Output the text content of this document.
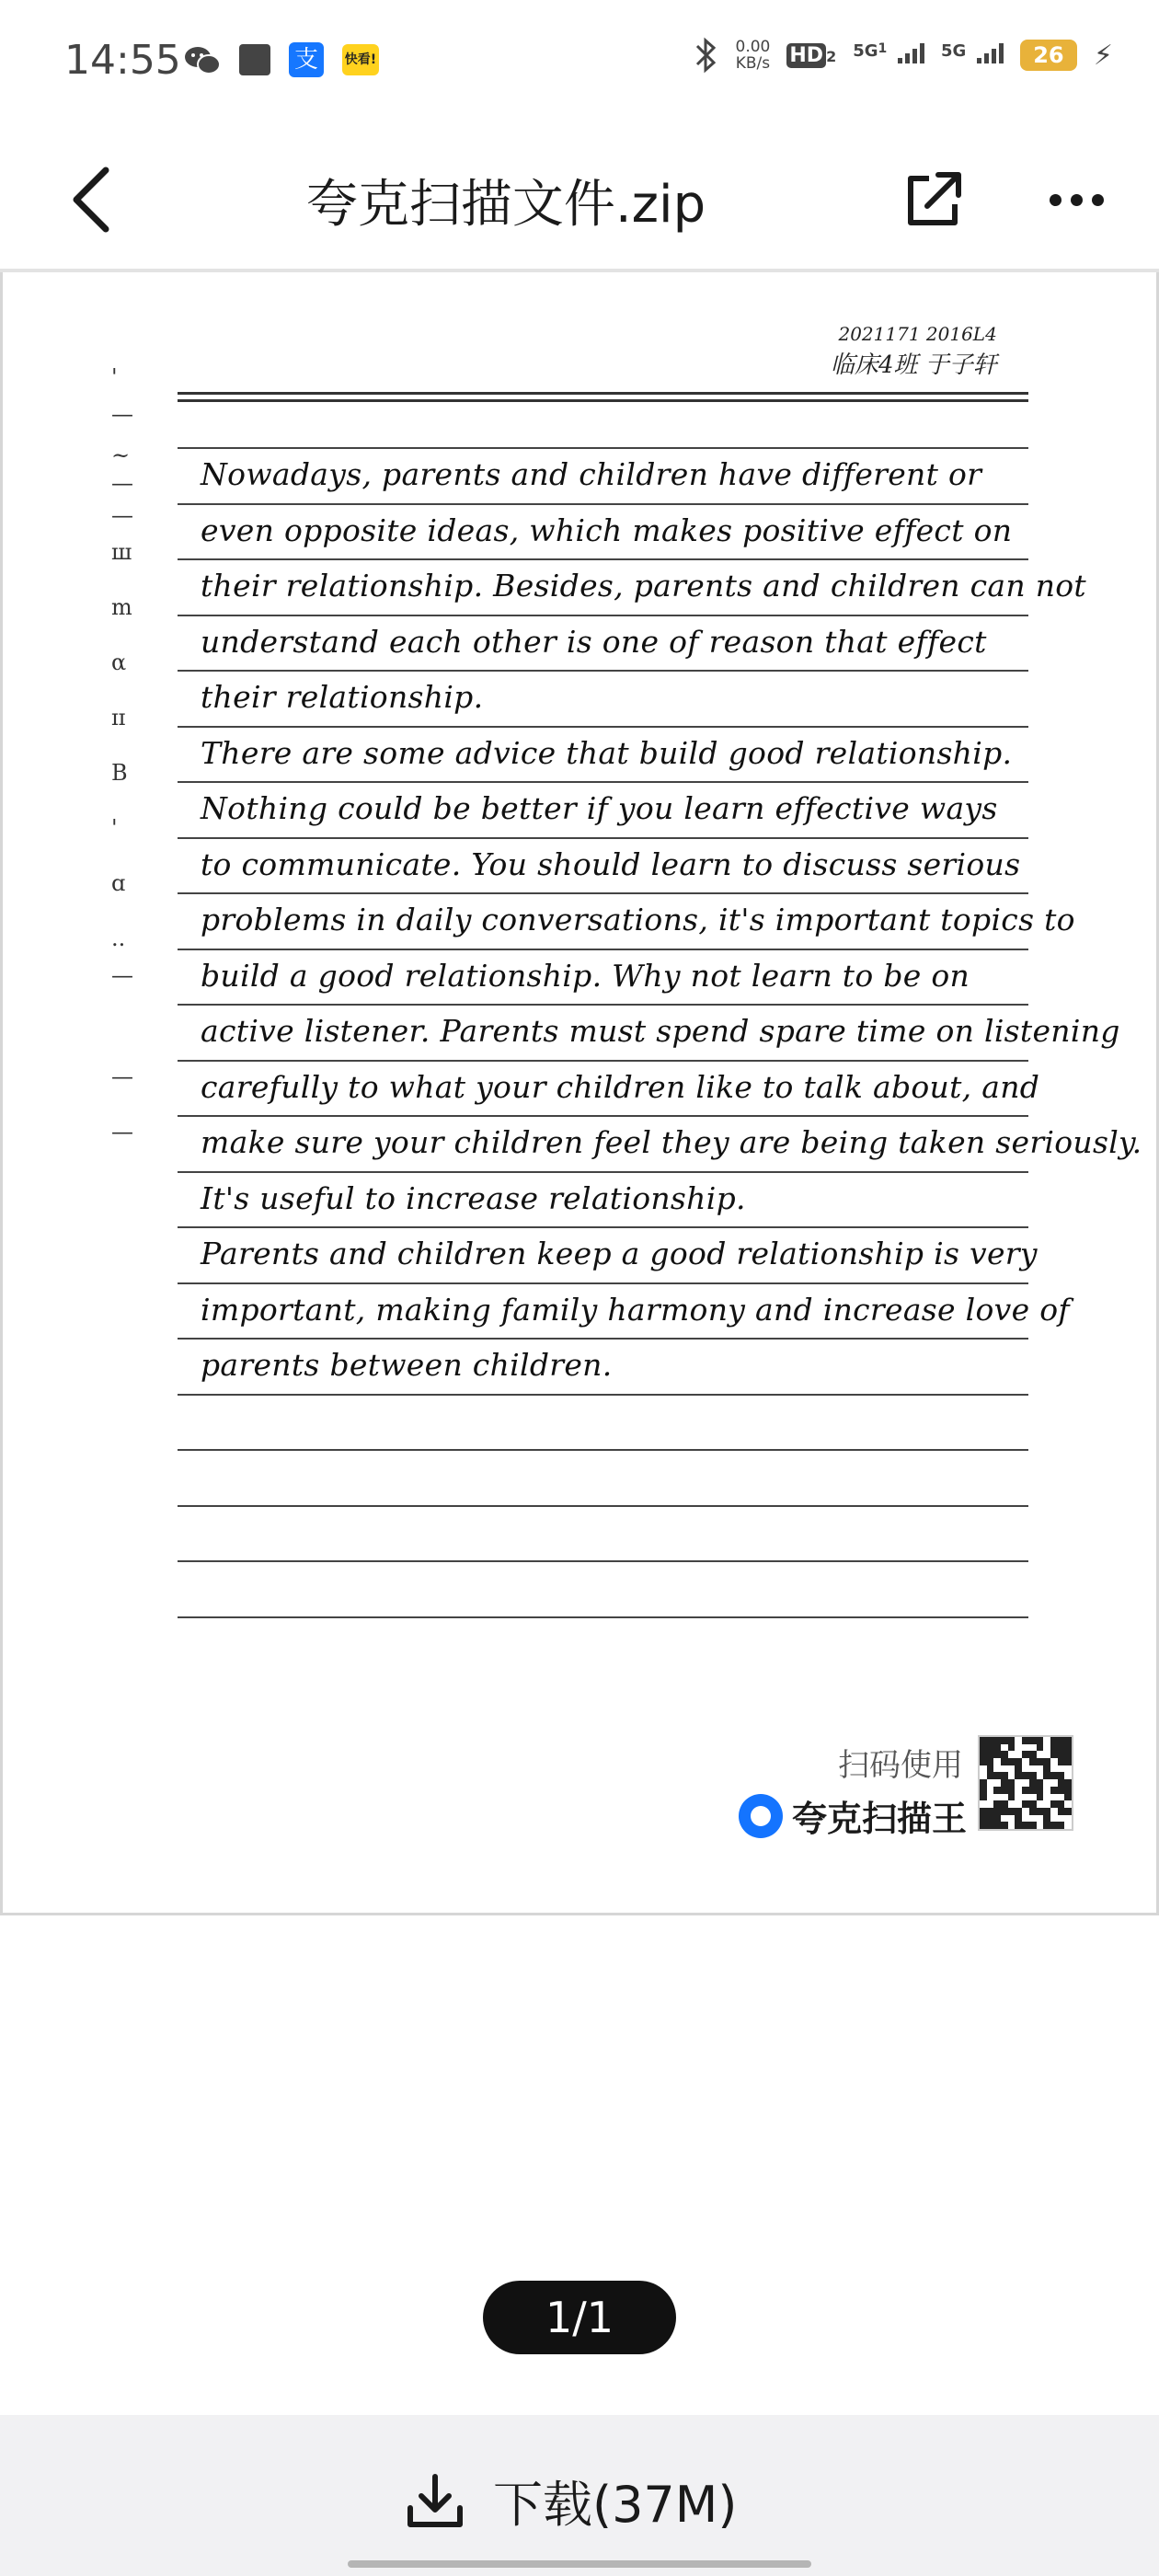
14:55	支	快看!
0.00
KB/s HD 2 $^{5G1}$	$^{5G}$	26	⚡
夸克扫描文件.zip
2021171 2016L4
临床4班 于子轩
'
—
~
—
—
ш
m
α
ɪɪ
B
'
ɑ
..
—
—
—
Nowadays, parents and children have different or
even opposite ideas, which makes positive effect on
their relationship. Besides, parents and children can not
understand each other is one of reason that effect
their relationship.
There are some advice that build good relationship.
Nothing could be better if you learn effective ways
to communicate. You should learn to discuss serious
problems in daily conversations, it's important topics to
build a good relationship. Why not learn to be on
active listener. Parents must spend spare time on listening
carefully to what your children like to talk about, and
make sure your children feel they are being taken seriously.
It's useful to increase relationship.
Parents and children keep a good relationship is very
important, making family harmony and increase love of
parents between children.
扫码使用
夸克扫描王
1/1
下载(37M)
